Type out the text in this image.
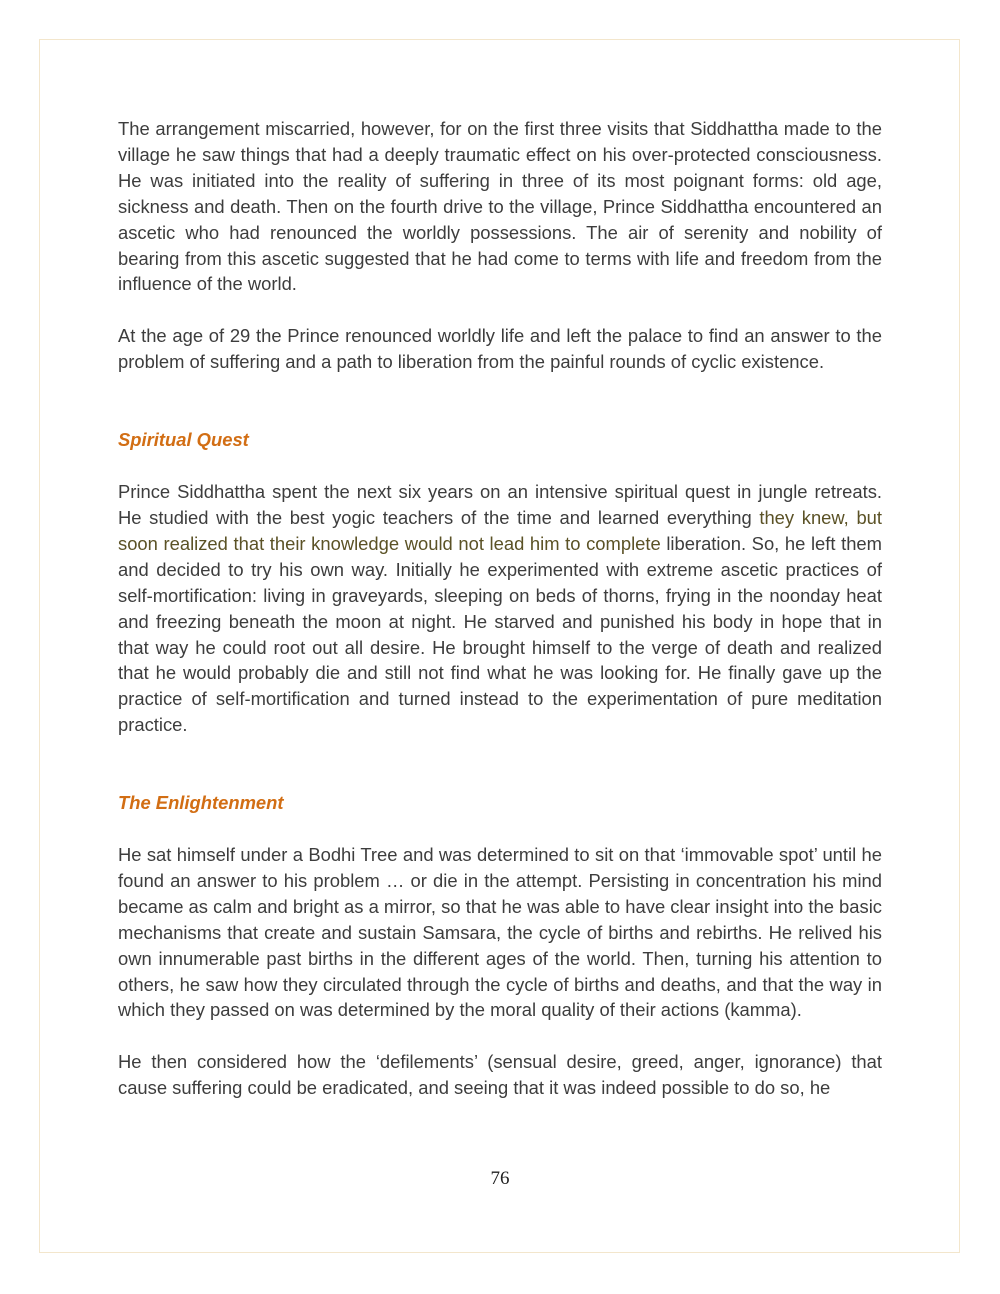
The arrangement miscarried, however, for on the first three visits that Siddhattha made to the village he saw things that had a deeply traumatic effect on his over-protected consciousness. He was initiated into the reality of suffering in three of its most poignant forms: old age, sickness and death. Then on the fourth drive to the village, Prince Siddhattha encountered an ascetic who had renounced the worldly possessions. The air of serenity and nobility of bearing from this ascetic suggested that he had come to terms with life and freedom from the influence of the world.

At the age of 29 the Prince renounced worldly life and left the palace to find an answer to the problem of suffering and a path to liberation from the painful rounds of cyclic existence.

Spiritual Quest

Prince Siddhattha spent the next six years on an intensive spiritual quest in jungle retreats. He studied with the best yogic teachers of the time and learned everything they knew, but soon realized that their knowledge would not lead him to complete liberation. So, he left them and decided to try his own way. Initially he experimented with extreme ascetic practices of self-mortification: living in graveyards, sleeping on beds of thorns, frying in the noonday heat and freezing beneath the moon at night. He starved and punished his body in hope that in that way he could root out all desire. He brought himself to the verge of death and realized that he would probably die and still not find what he was looking for. He finally gave up the practice of self-mortification and turned instead to the experimentation of pure meditation practice.

The Enlightenment

He sat himself under a Bodhi Tree and was determined to sit on that ‘immovable spot’ until he found an answer to his problem … or die in the attempt. Persisting in concentration his mind became as calm and bright as a mirror, so that he was able to have clear insight into the basic mechanisms that create and sustain Samsara, the cycle of births and rebirths. He relived his own innumerable past births in the different ages of the world. Then, turning his attention to others, he saw how they circulated through the cycle of births and deaths, and that the way in which they passed on was determined by the moral quality of their actions (kamma).

He then considered how the ‘defilements’ (sensual desire, greed, anger, ignorance) that cause suffering could be eradicated, and seeing that it was indeed possible to do so, he

76
